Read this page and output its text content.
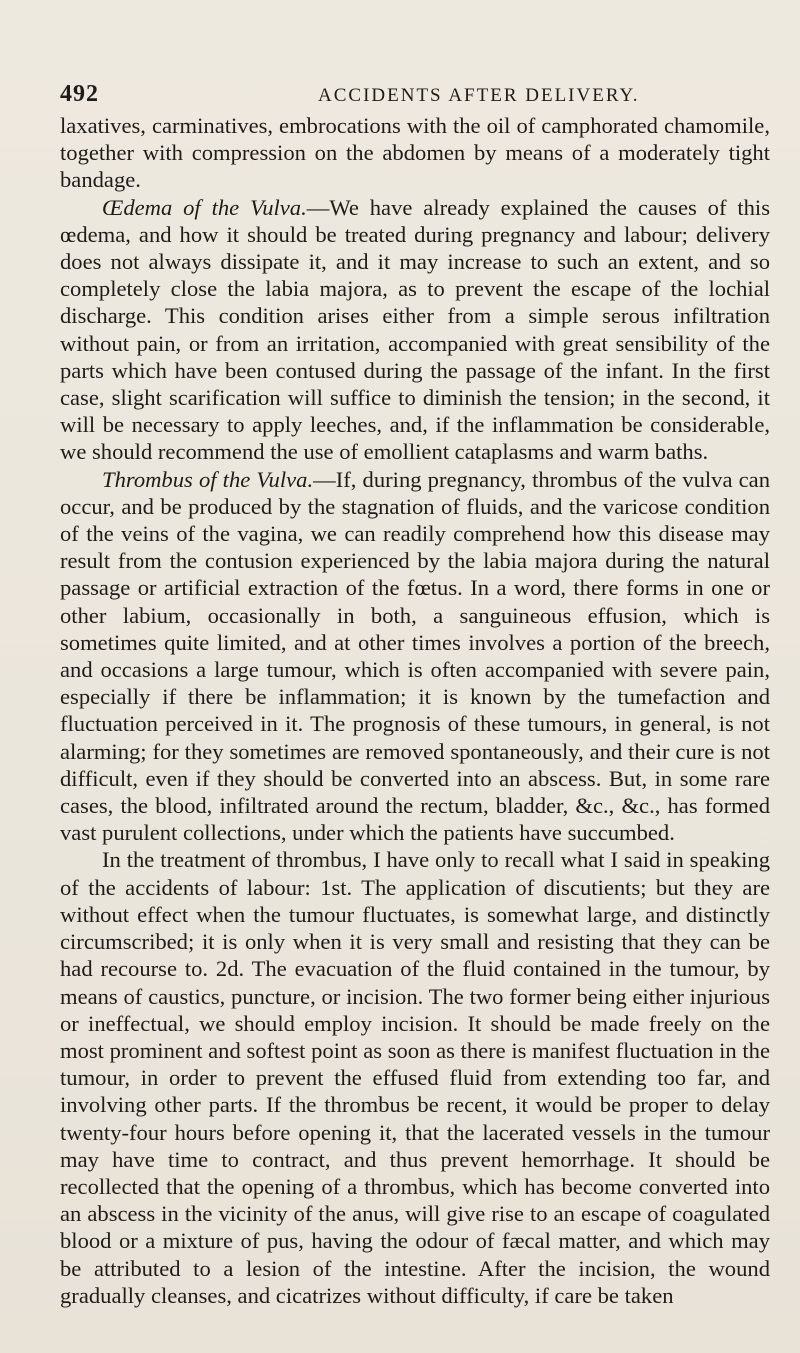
492	ACCIDENTS AFTER DELIVERY.

laxatives, carminatives, embrocations with the oil of camphorated chamomile, together with compression on the abdomen by means of a moderately tight bandage.

Œdema of the Vulva.—We have already explained the causes of this œdema, and how it should be treated during pregnancy and labour; delivery does not always dissipate it, and it may increase to such an extent, and so completely close the labia majora, as to prevent the escape of the lochial discharge. This condition arises either from a simple serous infiltration without pain, or from an irritation, accompanied with great sensibility of the parts which have been contused during the passage of the infant. In the first case, slight scarification will suffice to diminish the tension; in the second, it will be necessary to apply leeches, and, if the inflammation be considerable, we should recommend the use of emollient cataplasms and warm baths.

Thrombus of the Vulva.—If, during pregnancy, thrombus of the vulva can occur, and be produced by the stagnation of fluids, and the varicose condition of the veins of the vagina, we can readily comprehend how this disease may result from the contusion experienced by the labia majora during the natural passage or artificial extraction of the fœtus. In a word, there forms in one or other labium, occasionally in both, a sanguineous effusion, which is sometimes quite limited, and at other times involves a portion of the breech, and occasions a large tumour, which is often accompanied with severe pain, especially if there be inflammation; it is known by the tumefaction and fluctuation perceived in it. The prognosis of these tumours, in general, is not alarming; for they sometimes are removed spontaneously, and their cure is not difficult, even if they should be converted into an abscess. But, in some rare cases, the blood, infiltrated around the rectum, bladder, &c., &c., has formed vast purulent collections, under which the patients have succumbed.

In the treatment of thrombus, I have only to recall what I said in speaking of the accidents of labour: 1st. The application of discutients; but they are without effect when the tumour fluctuates, is somewhat large, and distinctly circumscribed; it is only when it is very small and resisting that they can be had recourse to. 2d. The evacuation of the fluid contained in the tumour, by means of caustics, puncture, or incision. The two former being either injurious or ineffectual, we should employ incision. It should be made freely on the most prominent and softest point as soon as there is manifest fluctuation in the tumour, in order to prevent the effused fluid from extending too far, and involving other parts. If the thrombus be recent, it would be proper to delay twenty-four hours before opening it, that the lacerated vessels in the tumour may have time to contract, and thus prevent hemorrhage. It should be recollected that the opening of a thrombus, which has become converted into an abscess in the vicinity of the anus, will give rise to an escape of coagulated blood or a mixture of pus, having the odour of fæcal matter, and which may be attributed to a lesion of the intestine. After the incision, the wound gradually cleanses, and cicatrizes without difficulty, if care be taken
